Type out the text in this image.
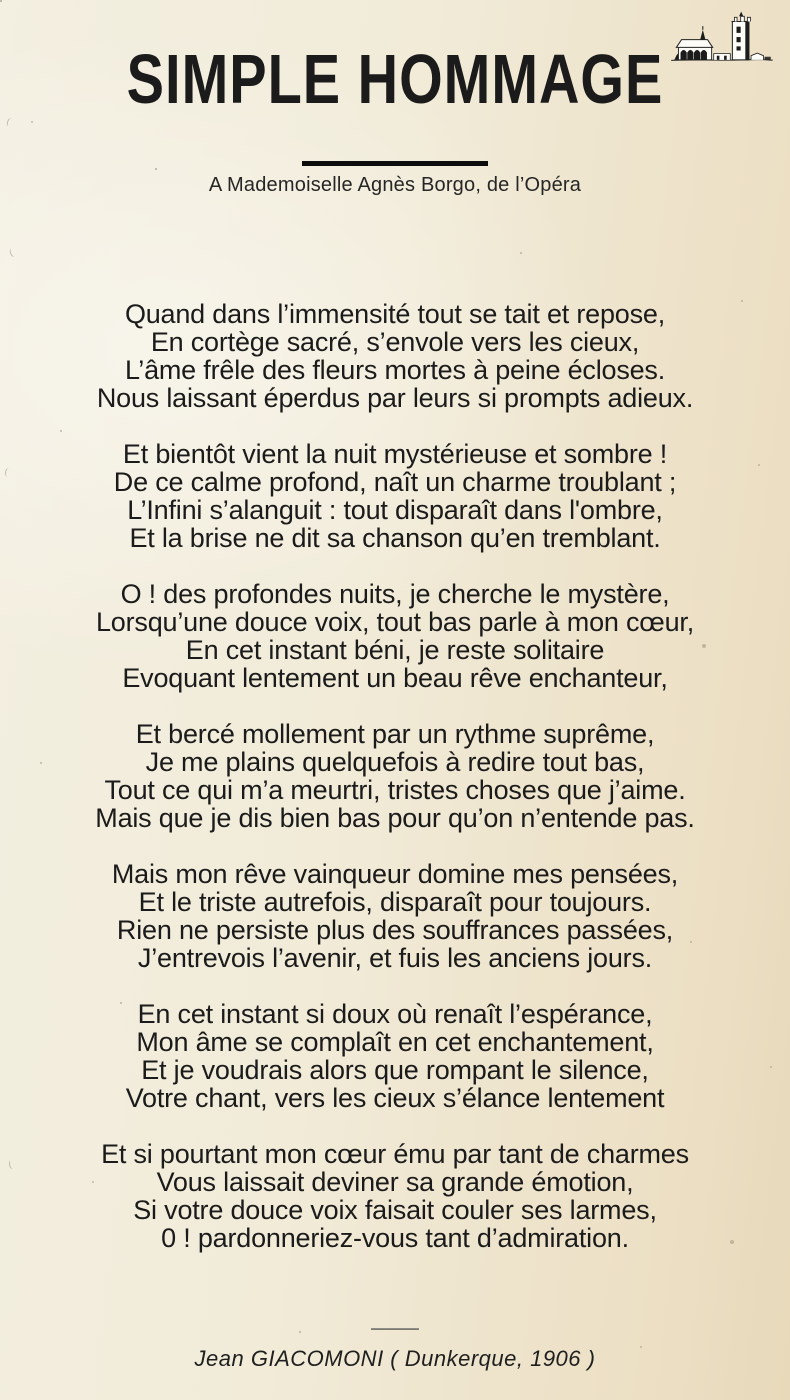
SIMPLE HOMMAGE
A Mademoiselle Agnès Borgo, de l’Opéra

Quand dans l’immensité tout se tait et repose,

En cortège sacré, s’envole vers les cieux,

L’âme frêle des fleurs mortes à peine écloses.

Nous laissant éperdus par leurs si prompts adieux.

Et bientôt vient la nuit mystérieuse et sombre !

De ce calme profond, naît un charme troublant ;

L’Infini s’alanguit : tout disparaît dans l'ombre,

Et la brise ne dit sa chanson qu’en tremblant.

O ! des profondes nuits, je cherche le mystère,

Lorsqu’une douce voix, tout bas parle à mon cœur,

En cet instant béni, je reste solitaire

Evoquant lentement un beau rêve enchanteur,

Et bercé mollement par un rythme suprême,

Je me plains quelquefois à redire tout bas,

Tout ce qui m’a meurtri, tristes choses que j’aime.

Mais que je dis bien bas pour qu’on n’entende pas.

Mais mon rêve vainqueur domine mes pensées,

Et le triste autrefois, disparaît pour toujours.

Rien ne persiste plus des souffrances passées,

J’entrevois l’avenir, et fuis les anciens jours.

En cet instant si doux où renaît l’espérance,

Mon âme se complaît en cet enchantement,

Et je voudrais alors que rompant le silence,

Votre chant, vers les cieux s’élance lentement

Et si pourtant mon cœur ému par tant de charmes

Vous laissait deviner sa grande émotion,

Si votre douce voix faisait couler ses larmes,

0 ! pardonneriez-vous tant d’admiration.

Jean GIACOMONI ( Dunkerque, 1906 )
